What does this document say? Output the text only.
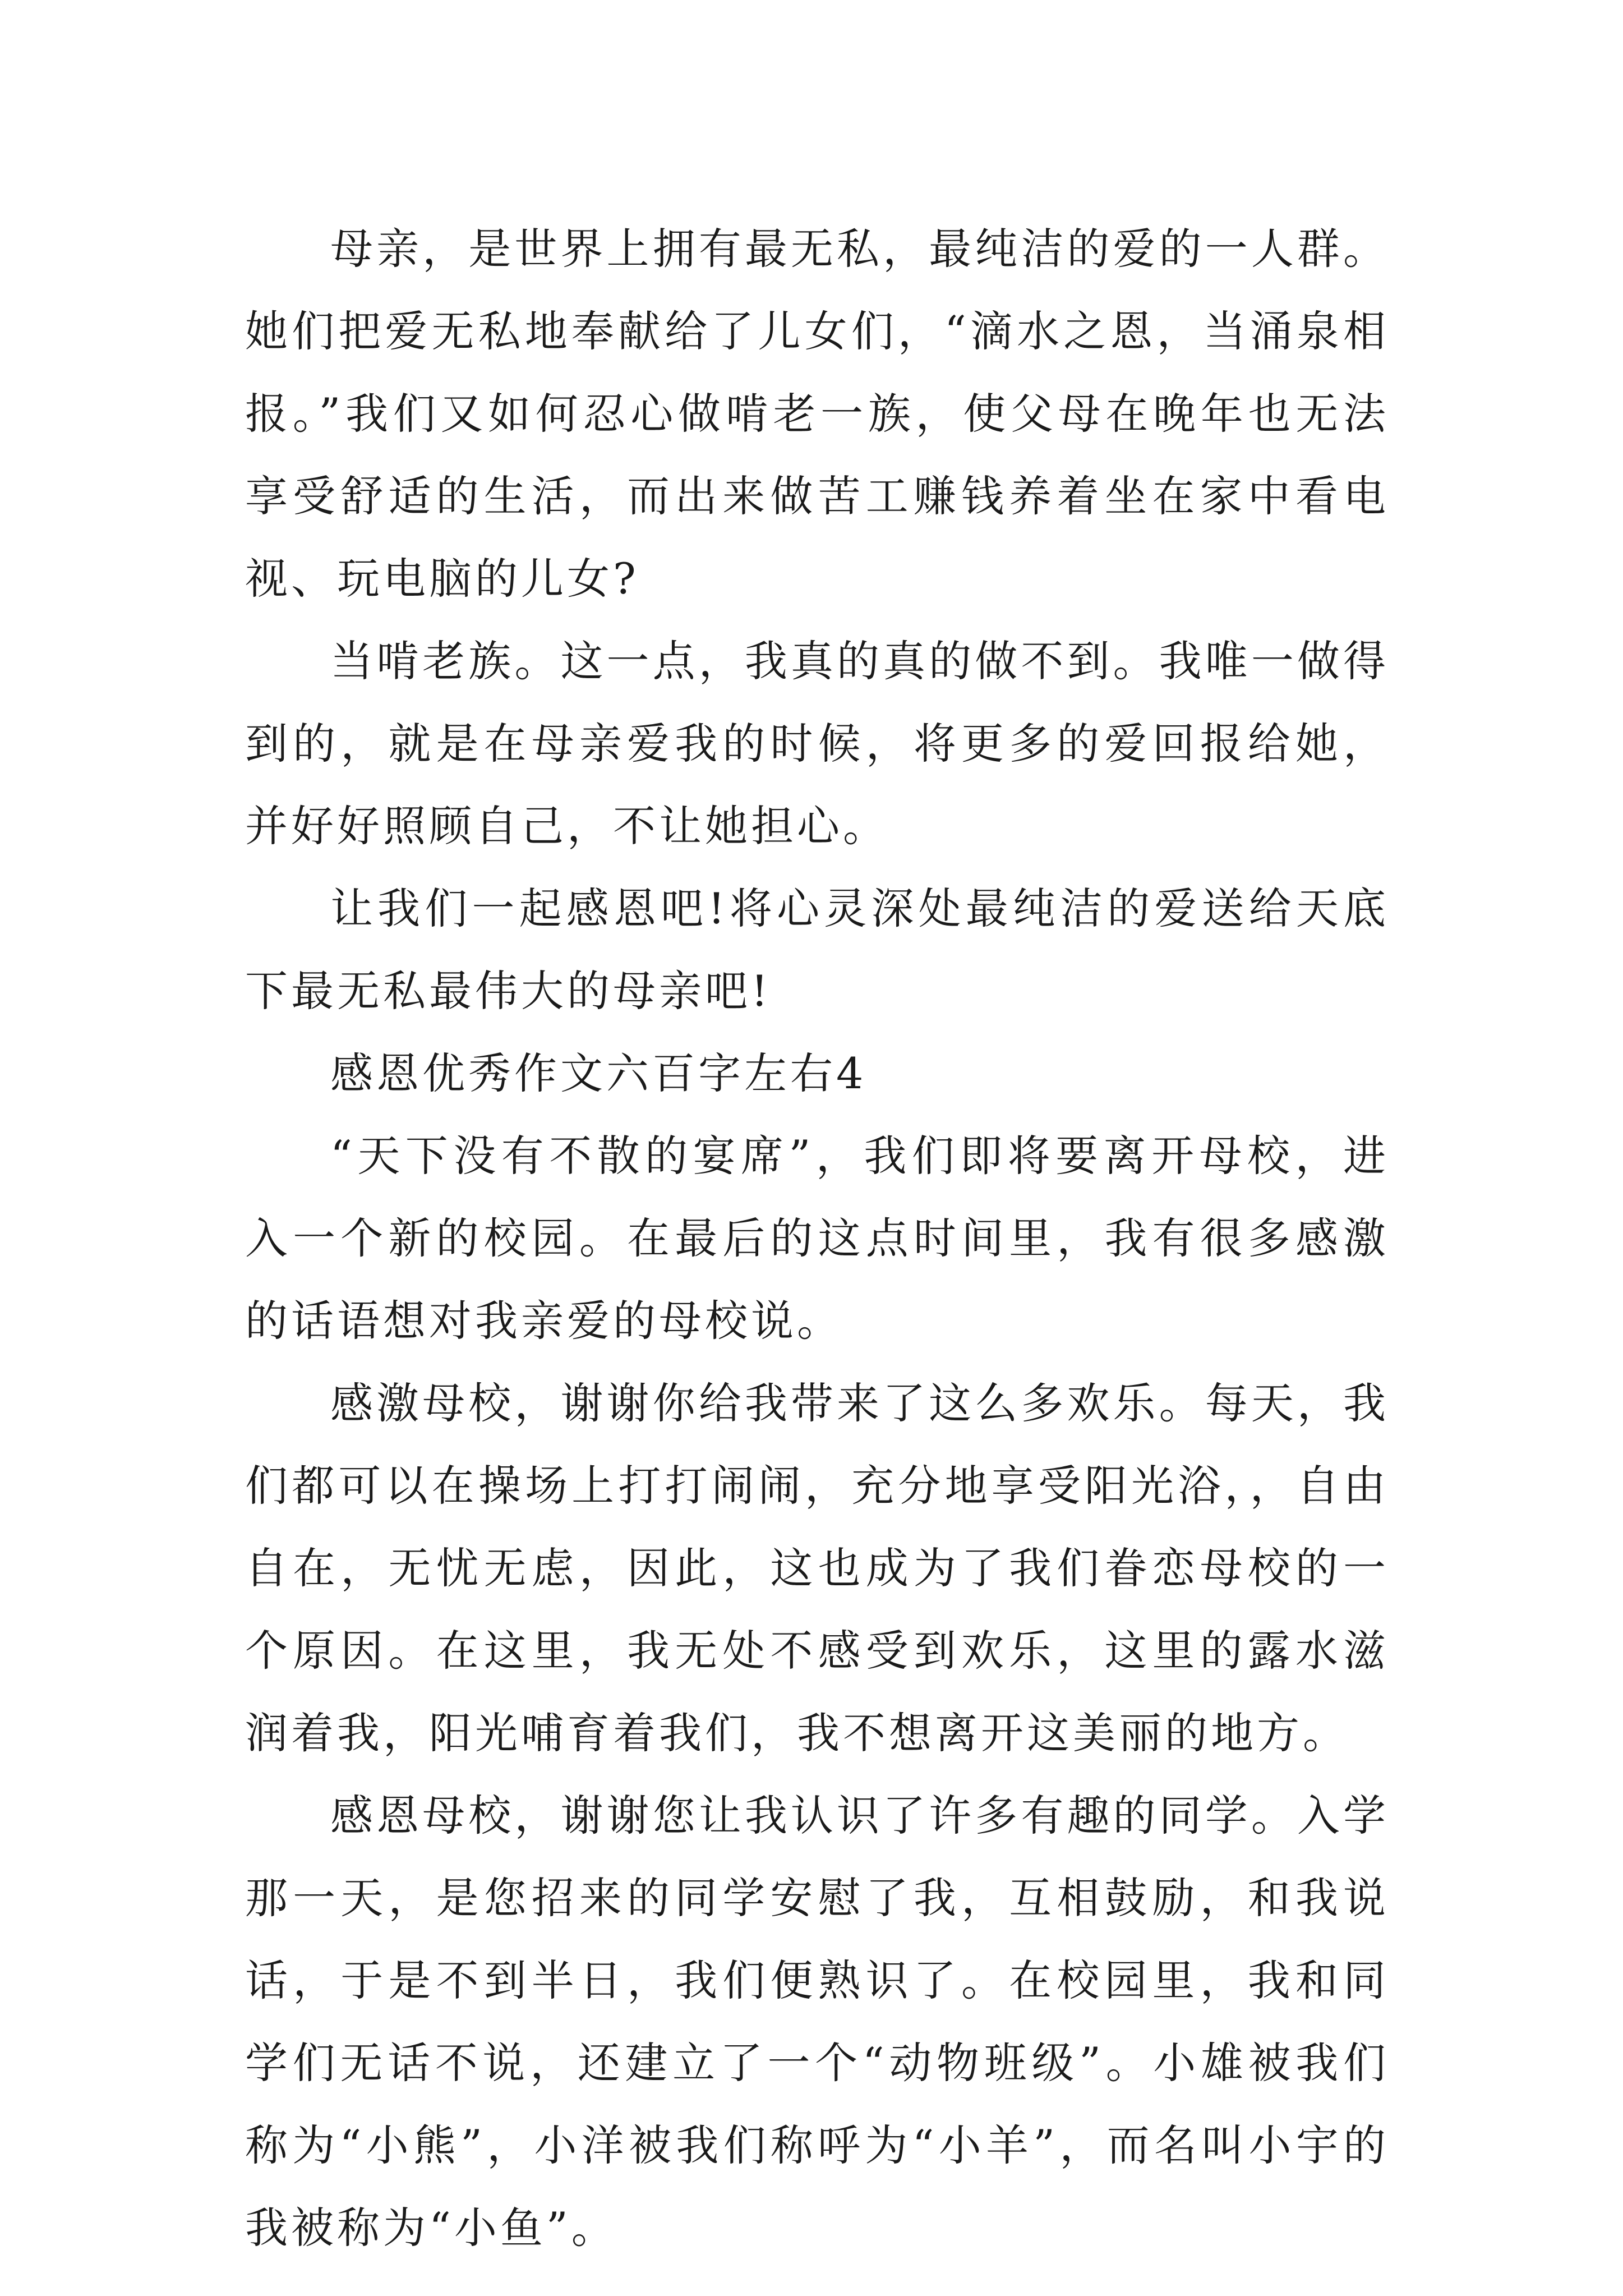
母亲，是世界上拥有最无私，最纯洁的爱的一人群。她们把爱无私地奉献给了儿女们，“滴水之恩，当涌泉相报。”我们又如何忍心做啃老一族，使父母在晚年也无法享受舒适的生活，而出来做苦工赚钱养着坐在家中看电视、玩电脑的儿女?

当啃老族。这一点，我真的真的做不到。我唯一做得到的，就是在母亲爱我的时候，将更多的爱回报给她，并好好照顾自己，不让她担心。

让我们一起感恩吧!将心灵深处最纯洁的爱送给天底下最无私最伟大的母亲吧!

感恩优秀作文六百字左右4

“天下没有不散的宴席”，我们即将要离开母校，进入一个新的校园。在最后的这点时间里，我有很多感激的话语想对我亲爱的母校说。

感激母校，谢谢你给我带来了这么多欢乐。每天，我们都可以在操场上打打闹闹，充分地享受阳光浴，，自由自在，无忧无虑，因此，这也成为了我们眷恋母校的一个原因。在这里，我无处不感受到欢乐，这里的露水滋润着我，阳光哺育着我们，我不想离开这美丽的地方。

感恩母校，谢谢您让我认识了许多有趣的同学。入学那一天，是您招来的同学安慰了我，互相鼓励，和我说话，于是不到半日，我们便熟识了。在校园里，我和同学们无话不说，还建立了一个“动物班级”。小雄被我们称为“小熊”，小洋被我们称呼为“小羊”，而名叫小宇的我被称为“小鱼”。
